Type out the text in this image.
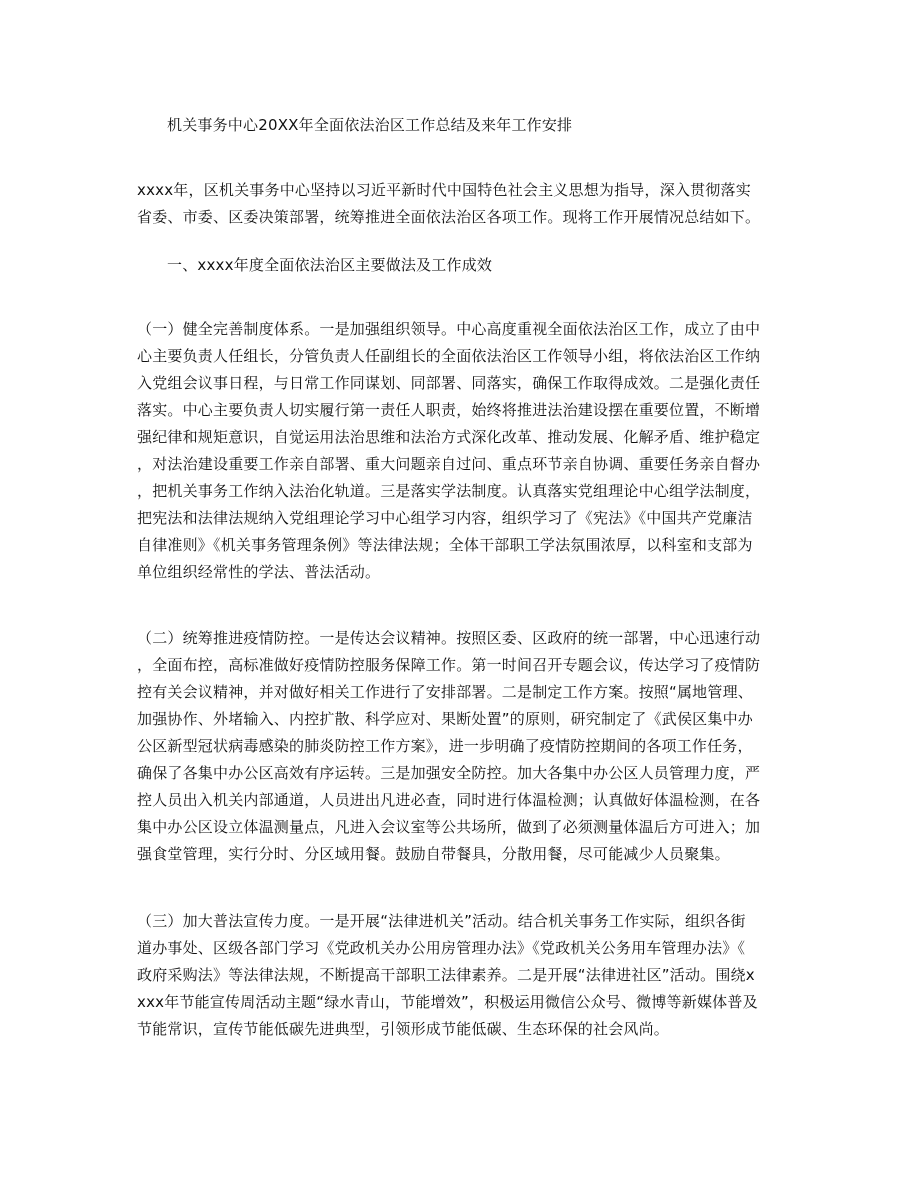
机关事务中心20XX年全面依法治区工作总结及来年工作安排
xxxx年，区机关事务中心坚持以习近平新时代中国特色社会主义思想为指导，深入贯彻落实
省委、市委、区委决策部署，统筹推进全面依法治区各项工作。现将工作开展情况总结如下。
一、xxxx年度全面依法治区主要做法及工作成效
（一）健全完善制度体系。一是加强组织领导。中心高度重视全面依法治区工作，成立了由中
心主要负责人任组长，分管负责人任副组长的全面依法治区工作领导小组，将依法治区工作纳
入党组会议事日程，与日常工作同谋划、同部署、同落实，确保工作取得成效。二是强化责任
落实。中心主要负责人切实履行第一责任人职责，始终将推进法治建设摆在重要位置，不断增
强纪律和规矩意识，自觉运用法治思维和法治方式深化改革、推动发展、化解矛盾、维护稳定
，对法治建设重要工作亲自部署、重大问题亲自过问、重点环节亲自协调、重要任务亲自督办
，把机关事务工作纳入法治化轨道。三是落实学法制度。认真落实党组理论中心组学法制度，
把宪法和法律法规纳入党组理论学习中心组学习内容，组织学习了《宪法》《中国共产党廉洁
自律准则》《机关事务管理条例》等法律法规；全体干部职工学法氛围浓厚，以科室和支部为
单位组织经常性的学法、普法活动。
（二）统筹推进疫情防控。一是传达会议精神。按照区委、区政府的统一部署，中心迅速行动
，全面布控，高标准做好疫情防控服务保障工作。第一时间召开专题会议，传达学习了疫情防
控有关会议精神，并对做好相关工作进行了安排部署。二是制定工作方案。按照“属地管理、
加强协作、外堵输入、内控扩散、科学应对、果断处置”的原则，研究制定了《武侯区集中办
公区新型冠状病毒感染的肺炎防控工作方案》，进一步明确了疫情防控期间的各项工作任务，
确保了各集中办公区高效有序运转。三是加强安全防控。加大各集中办公区人员管理力度，严
控人员出入机关内部通道，人员进出凡进必查，同时进行体温检测；认真做好体温检测，在各
集中办公区设立体温测量点，凡进入会议室等公共场所，做到了必须测量体温后方可进入；加
强食堂管理，实行分时、分区域用餐。鼓励自带餐具，分散用餐，尽可能减少人员聚集。
（三）加大普法宣传力度。一是开展“法律进机关”活动。结合机关事务工作实际，组织各街
道办事处、区级各部门学习《党政机关办公用房管理办法》《党政机关公务用车管理办法》《
政府采购法》等法律法规，不断提高干部职工法律素养。二是开展“法律进社区”活动。围绕x
xxx年节能宣传周活动主题“绿水青山，节能增效”，积极运用微信公众号、微博等新媒体普及
节能常识，宣传节能低碳先进典型，引领形成节能低碳、生态环保的社会风尚。
